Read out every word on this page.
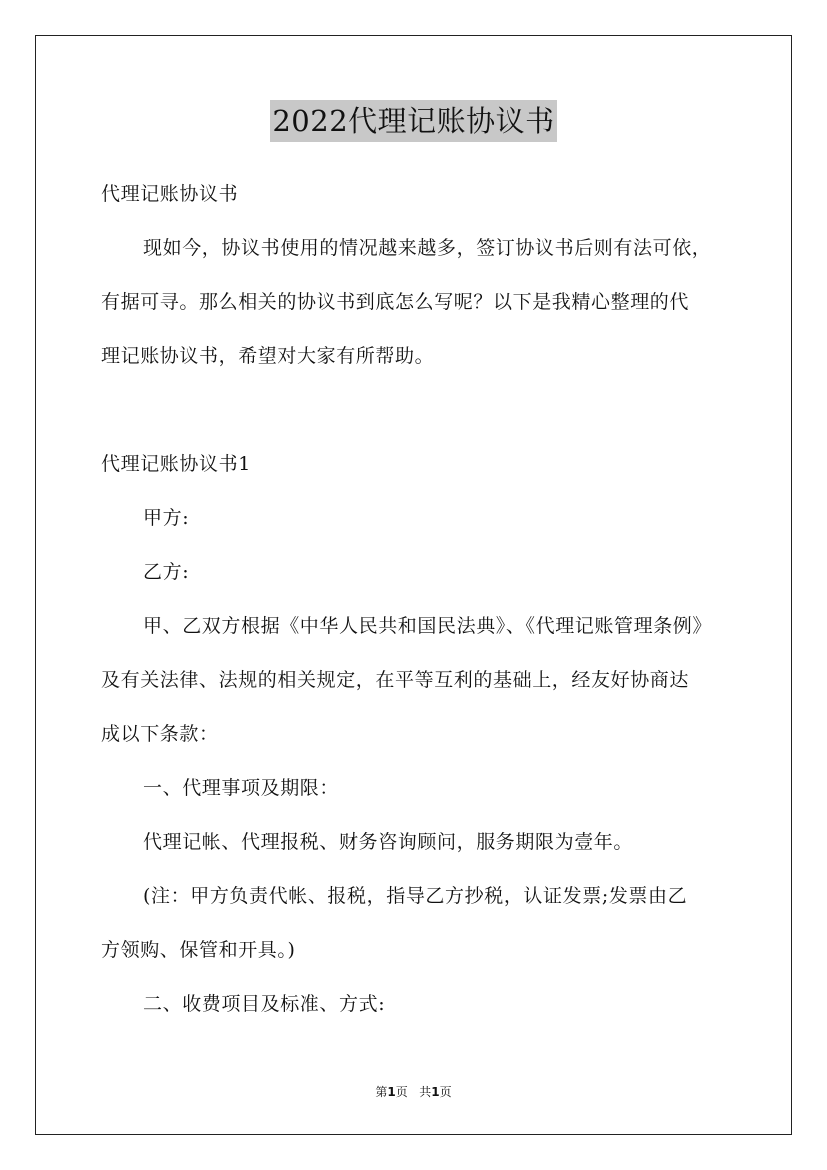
2022代理记账协议书
代理记账协议书
现如今，协议书使用的情况越来越多，签订协议书后则有法可依，
有据可寻。那么相关的协议书到底怎么写呢？以下是我精心整理的代
理记账协议书，希望对大家有所帮助。
代理记账协议书1
甲方:
乙方:
甲、乙双方根据《中华人民共和国民法典》、《代理记账管理条例》
及有关法律、法规的相关规定，在平等互利的基础上，经友好协商达
成以下条款：
一、代理事项及期限：
代理记帐、代理报税、财务咨询顾问，服务期限为壹年。
(注：甲方负责代帐、报税，指导乙方抄税，认证发票;发票由乙
方领购、保管和开具。)
二、收费项目及标准、方式:
第1页 共1页
